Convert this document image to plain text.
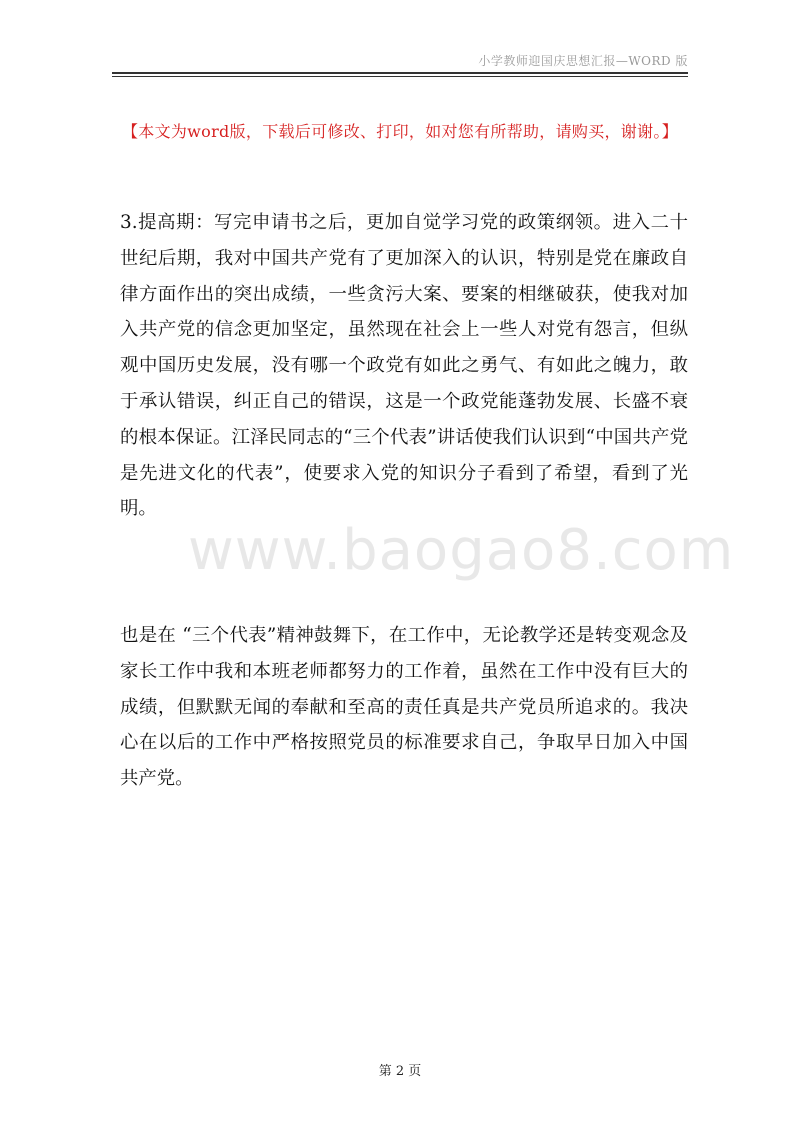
小学教师迎国庆思想汇报—WORD 版
【本文为word版，下载后可修改、打印，如对您有所帮助，请购买，谢谢。】
3.提高期：写完申请书之后，更加自觉学习党的政策纲领。进入二十世纪后期，我对中国共产党有了更加深入的认识，特别是党在廉政自律方面作出的突出成绩，一些贪污大案、要案的相继破获，使我对加入共产党的信念更加坚定，虽然现在社会上一些人对党有怨言，但纵观中国历史发展，没有哪一个政党有如此之勇气、有如此之魄力，敢于承认错误，纠正自己的错误，这是一个政党能蓬勃发展、长盛不衰的根本保证。江泽民同志的“三个代表”讲话使我们认识到“中国共产党是先进文化的代表”，使要求入党的知识分子看到了希望，看到了光明。
www.baogao8.com
也是在 “三个代表”精神鼓舞下，在工作中，无论教学还是转变观念及家长工作中我和本班老师都努力的工作着，虽然在工作中没有巨大的成绩，但默默无闻的奉献和至高的责任真是共产党员所追求的。我决心在以后的工作中严格按照党员的标准要求自己，争取早日加入中国共产党。
第 2 页
